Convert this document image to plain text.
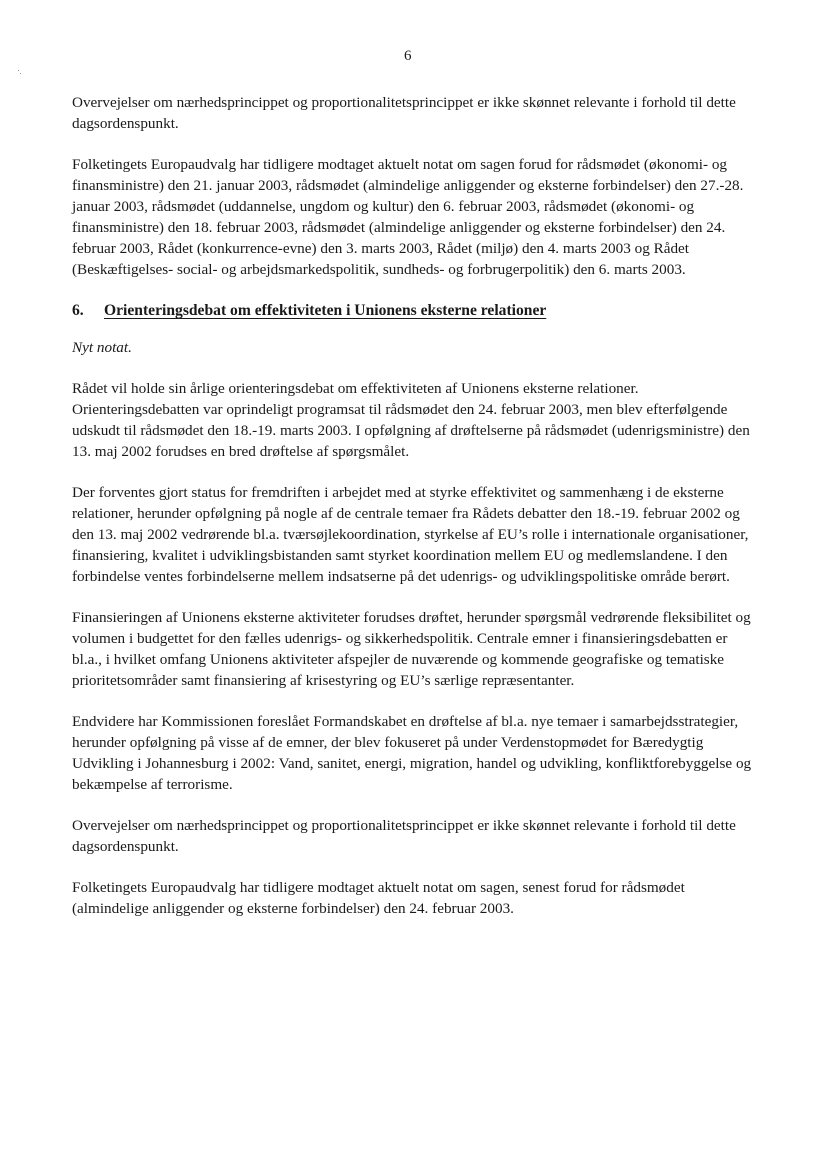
6

Overvejelser om nærhedsprincippet og proportionalitetsprincippet er ikke skønnet relevante i forhold til dette dagsordenspunkt.

Folketingets Europaudvalg har tidligere modtaget aktuelt notat om sagen forud for rådsmødet (økonomi- og finansministre) den 21. januar 2003, rådsmødet (almindelige anliggender og eksterne forbindelser) den 27.-28. januar 2003, rådsmødet (uddannelse, ungdom og kultur) den 6. februar 2003, rådsmødet (økonomi- og finansministre) den 18. februar 2003, rådsmødet (almindelige anliggender og eksterne forbindelser) den 24. februar 2003, Rådet (konkurrence-evne) den 3. marts 2003, Rådet (miljø) den 4. marts 2003 og Rådet (Beskæftigelses- social- og arbejdsmarkedspolitik, sundheds- og forbrugerpolitik) den 6. marts 2003.

6. Orienteringsdebat om effektiviteten i Unionens eksterne relationer

Nyt notat.

Rådet vil holde sin årlige orienteringsdebat om effektiviteten af Unionens eksterne relationer. Orienteringsdebatten var oprindeligt programsat til rådsmødet den 24. februar 2003, men blev efterfølgende udskudt til rådsmødet den 18.-19. marts 2003. I opfølgning af drøftelserne på rådsmødet (udenrigsministre) den 13. maj 2002 forudses en bred drøftelse af spørgsmålet.

Der forventes gjort status for fremdriften i arbejdet med at styrke effektivitet og sammenhæng i de eksterne relationer, herunder opfølgning på nogle af de centrale temaer fra Rådets debatter den 18.-19. februar 2002 og den 13. maj 2002 vedrørende bl.a. tværsøjlekoordination, styrkelse af EU’s rolle i internationale organisationer, finansiering, kvalitet i udviklingsbistanden samt styrket koordination mellem EU og medlemslandene. I den forbindelse ventes forbindelserne mellem indsatserne på det udenrigs- og udviklingspolitiske område berørt.

Finansieringen af Unionens eksterne aktiviteter forudses drøftet, herunder spørgsmål vedrørende fleksibilitet og volumen i budgettet for den fælles udenrigs- og sikkerhedspolitik. Centrale emner i finansieringsdebatten er bl.a., i hvilket omfang Unionens aktiviteter afspejler de nuværende og kommende geografiske og tematiske prioritetsområder samt finansiering af krisestyring og EU’s særlige repræsentanter.

Endvidere har Kommissionen foreslået Formandskabet en drøftelse af bl.a. nye temaer i samarbejdsstrategier, herunder opfølgning på visse af de emner, der blev fokuseret på under Verdenstopmødet for Bæredygtig Udvikling i Johannesburg i 2002: Vand, sanitet, energi, migration, handel og udvikling, konfliktforebyggelse og bekæmpelse af terrorisme.

Overvejelser om nærhedsprincippet og proportionalitetsprincippet er ikke skønnet relevante i forhold til dette dagsordenspunkt.

Folketingets Europaudvalg har tidligere modtaget aktuelt notat om sagen, senest forud for rådsmødet (almindelige anliggender og eksterne forbindelser) den 24. februar 2003.
